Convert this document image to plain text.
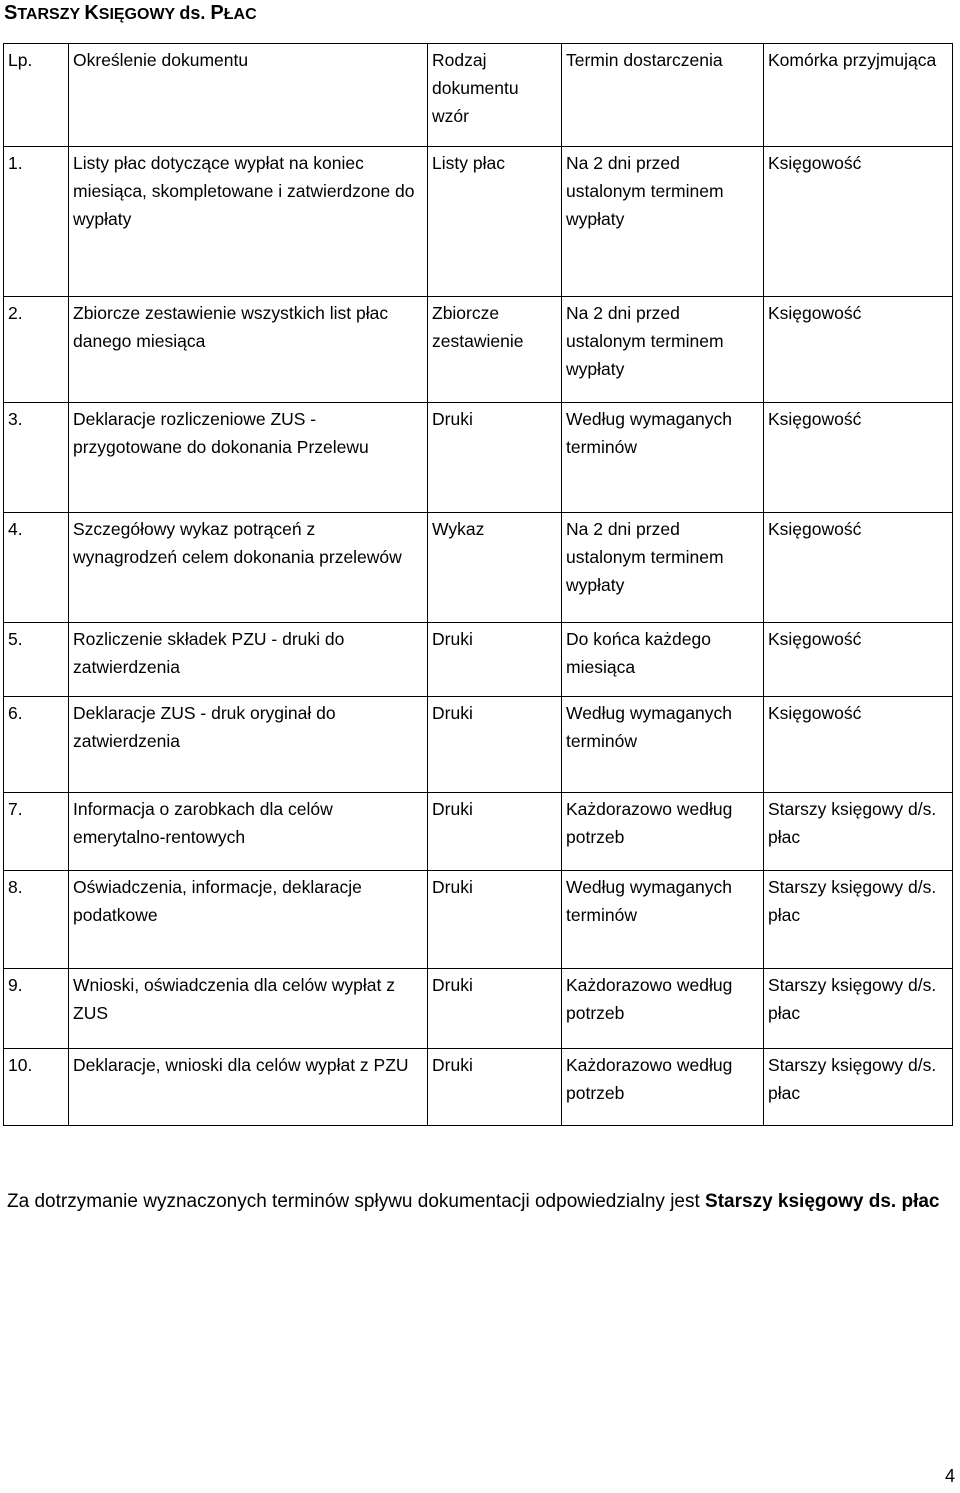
STARSZY KSIĘGOWY ds. PŁAC
Lp.	Określenie dokumentu	Rodzaj dokumentu wzór	Termin dostarczenia	Komórka przyjmująca
1.	Listy płac dotyczące wypłat na koniec miesiąca, skompletowane i zatwierdzone do wypłaty	Listy płac	Na 2 dni przed ustalonym terminem wypłaty	Księgowość
2.	Zbiorcze zestawienie wszystkich list płac danego miesiąca	Zbiorcze zestawienie	Na 2 dni przed ustalonym terminem wypłaty	Księgowość
3.	Deklaracje rozliczeniowe ZUS - przygotowane do dokonania Przelewu	Druki	Według wymaganych terminów	Księgowość
4.	Szczegółowy wykaz potrąceń z wynagrodzeń celem dokonania przelewów	Wykaz	Na 2 dni przed ustalonym terminem wypłaty	Księgowość
5.	Rozliczenie składek PZU - druki do zatwierdzenia	Druki	Do końca każdego miesiąca	Księgowość
6.	Deklaracje ZUS - druk oryginał do zatwierdzenia	Druki	Według wymaganych terminów	Księgowość
7.	Informacja o zarobkach dla celów emerytalno-rentowych	Druki	Każdorazowo według potrzeb	Starszy księgowy d/s. płac
8.	Oświadczenia, informacje, deklaracje podatkowe	Druki	Według wymaganych terminów	Starszy księgowy d/s. płac
9.	Wnioski, oświadczenia dla celów wypłat z ZUS	Druki	Każdorazowo według potrzeb	Starszy księgowy d/s. płac
10.	Deklaracje, wnioski dla celów wypłat z PZU	Druki	Każdorazowo według potrzeb	Starszy księgowy d/s. płac
Za dotrzymanie wyznaczonych terminów spływu dokumentacji odpowiedzialny jest Starszy księgowy ds. płac
4
